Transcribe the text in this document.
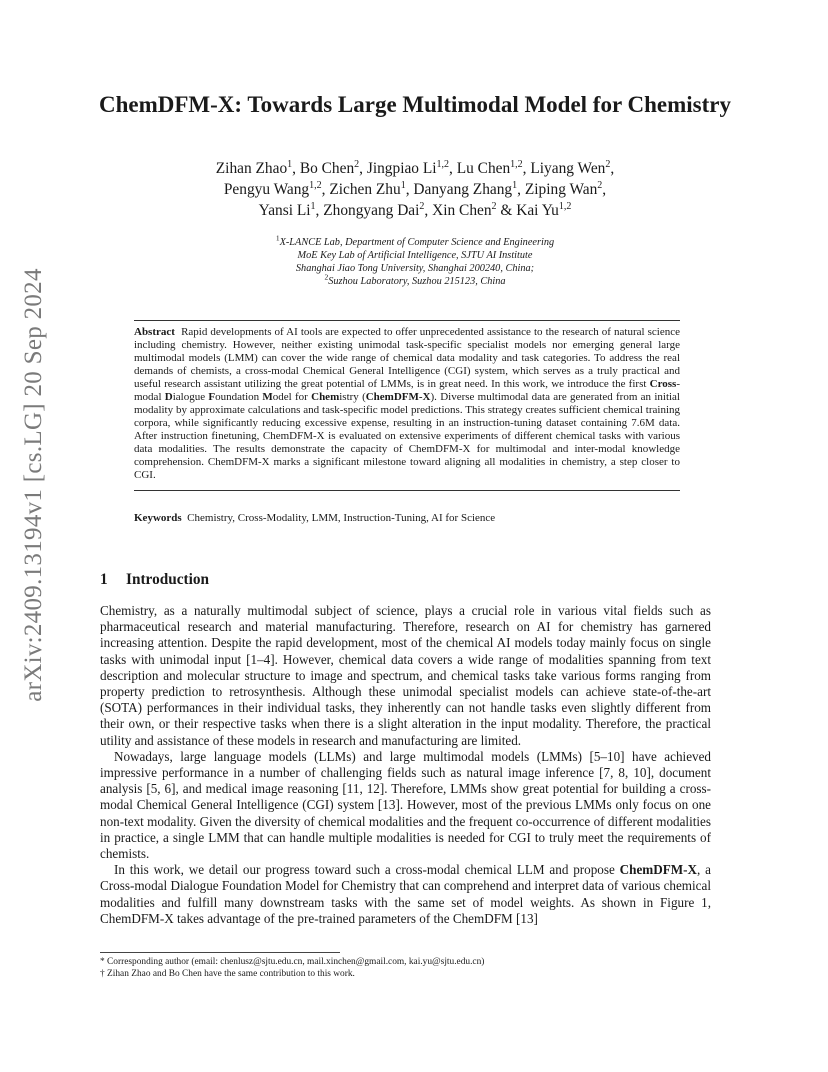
arXiv:2409.13194v1 [cs.LG] 20 Sep 2024
ChemDFM-X: Towards Large Multimodal Model for Chemistry
Zihan Zhao$^1$, Bo Chen$^2$, Jingpiao Li$^{1,2}$, Lu Chen$^{1,2}$, Liyang Wen$^2$,
Pengyu Wang$^{1,2}$, Zichen Zhu$^1$, Danyang Zhang$^1$, Ziping Wan$^2$,
Yansi Li$^1$, Zhongyang Dai$^2$, Xin Chen$^2$ & Kai Yu$^{1,2}$
$^1$X-LANCE Lab, Department of Computer Science and Engineering
MoE Key Lab of Artificial Intelligence, SJTU AI Institute
Shanghai Jiao Tong University, Shanghai 200240, China;
$^2$Suzhou Laboratory, Suzhou 215123, China
Abstract Rapid developments of AI tools are expected to offer unprecedented assistance to the research of natural science including chemistry. However, neither existing unimodal task-specific specialist models nor emerging general large multimodal models (LMM) can cover the wide range of chemical data modality and task categories. To address the real demands of chemists, a cross-modal Chemical General Intelligence (CGI) system, which serves as a truly practical and useful research assistant utilizing the great potential of LMMs, is in great need. In this work, we introduce the first Cross-modal Dialogue Foundation Model for Chemistry (ChemDFM-X). Diverse multimodal data are generated from an initial modality by approximate calculations and task-specific model predictions. This strategy creates sufficient chemical training corpora, while significantly reducing excessive expense, resulting in an instruction-tuning dataset containing 7.6M data. After instruction finetuning, ChemDFM-X is evaluated on extensive experiments of different chemical tasks with various data modalities. The results demonstrate the capacity of ChemDFM-X for multimodal and inter-modal knowledge comprehension. ChemDFM-X marks a significant milestone toward aligning all modalities in chemistry, a step closer to CGI.
Keywords Chemistry, Cross-Modality, LMM, Instruction-Tuning, AI for Science
1 Introduction

Chemistry, as a naturally multimodal subject of science, plays a crucial role in various vital fields such as pharmaceutical research and material manufacturing. Therefore, research on AI for chemistry has garnered increasing attention. Despite the rapid development, most of the chemical AI models today mainly focus on single tasks with unimodal input [1–4]. However, chemical data covers a wide range of modalities spanning from text description and molecular structure to image and spectrum, and chemical tasks take various forms ranging from property prediction to retrosynthesis. Although these unimodal specialist models can achieve state-of-the-art (SOTA) performances in their individual tasks, they inherently can not handle tasks even slightly different from their own, or their respective tasks when there is a slight alteration in the input modality. Therefore, the practical utility and assistance of these models in research and manufacturing are limited.

Nowadays, large language models (LLMs) and large multimodal models (LMMs) [5–10] have achieved impressive performance in a number of challenging fields such as natural image inference [7, 8, 10], document analysis [5, 6], and medical image reasoning [11, 12]. Therefore, LMMs show great potential for building a cross-modal Chemical General Intelligence (CGI) system [13]. However, most of the previous LMMs only focus on one non-text modality. Given the diversity of chemical modalities and the frequent co-occurrence of different modalities in practice, a single LMM that can handle multiple modalities is needed for CGI to truly meet the requirements of chemists.

In this work, we detail our progress toward such a cross-modal chemical LLM and propose ChemDFM-X, a Cross-modal Dialogue Foundation Model for Chemistry that can comprehend and interpret data of various chemical modalities and fulfill many downstream tasks with the same set of model weights. As shown in Figure 1, ChemDFM-X takes advantage of the pre-trained parameters of the ChemDFM [13]

* Corresponding author (email: chenlusz@sjtu.edu.cn, mail.xinchen@gmail.com, kai.yu@sjtu.edu.cn)

† Zihan Zhao and Bo Chen have the same contribution to this work.
